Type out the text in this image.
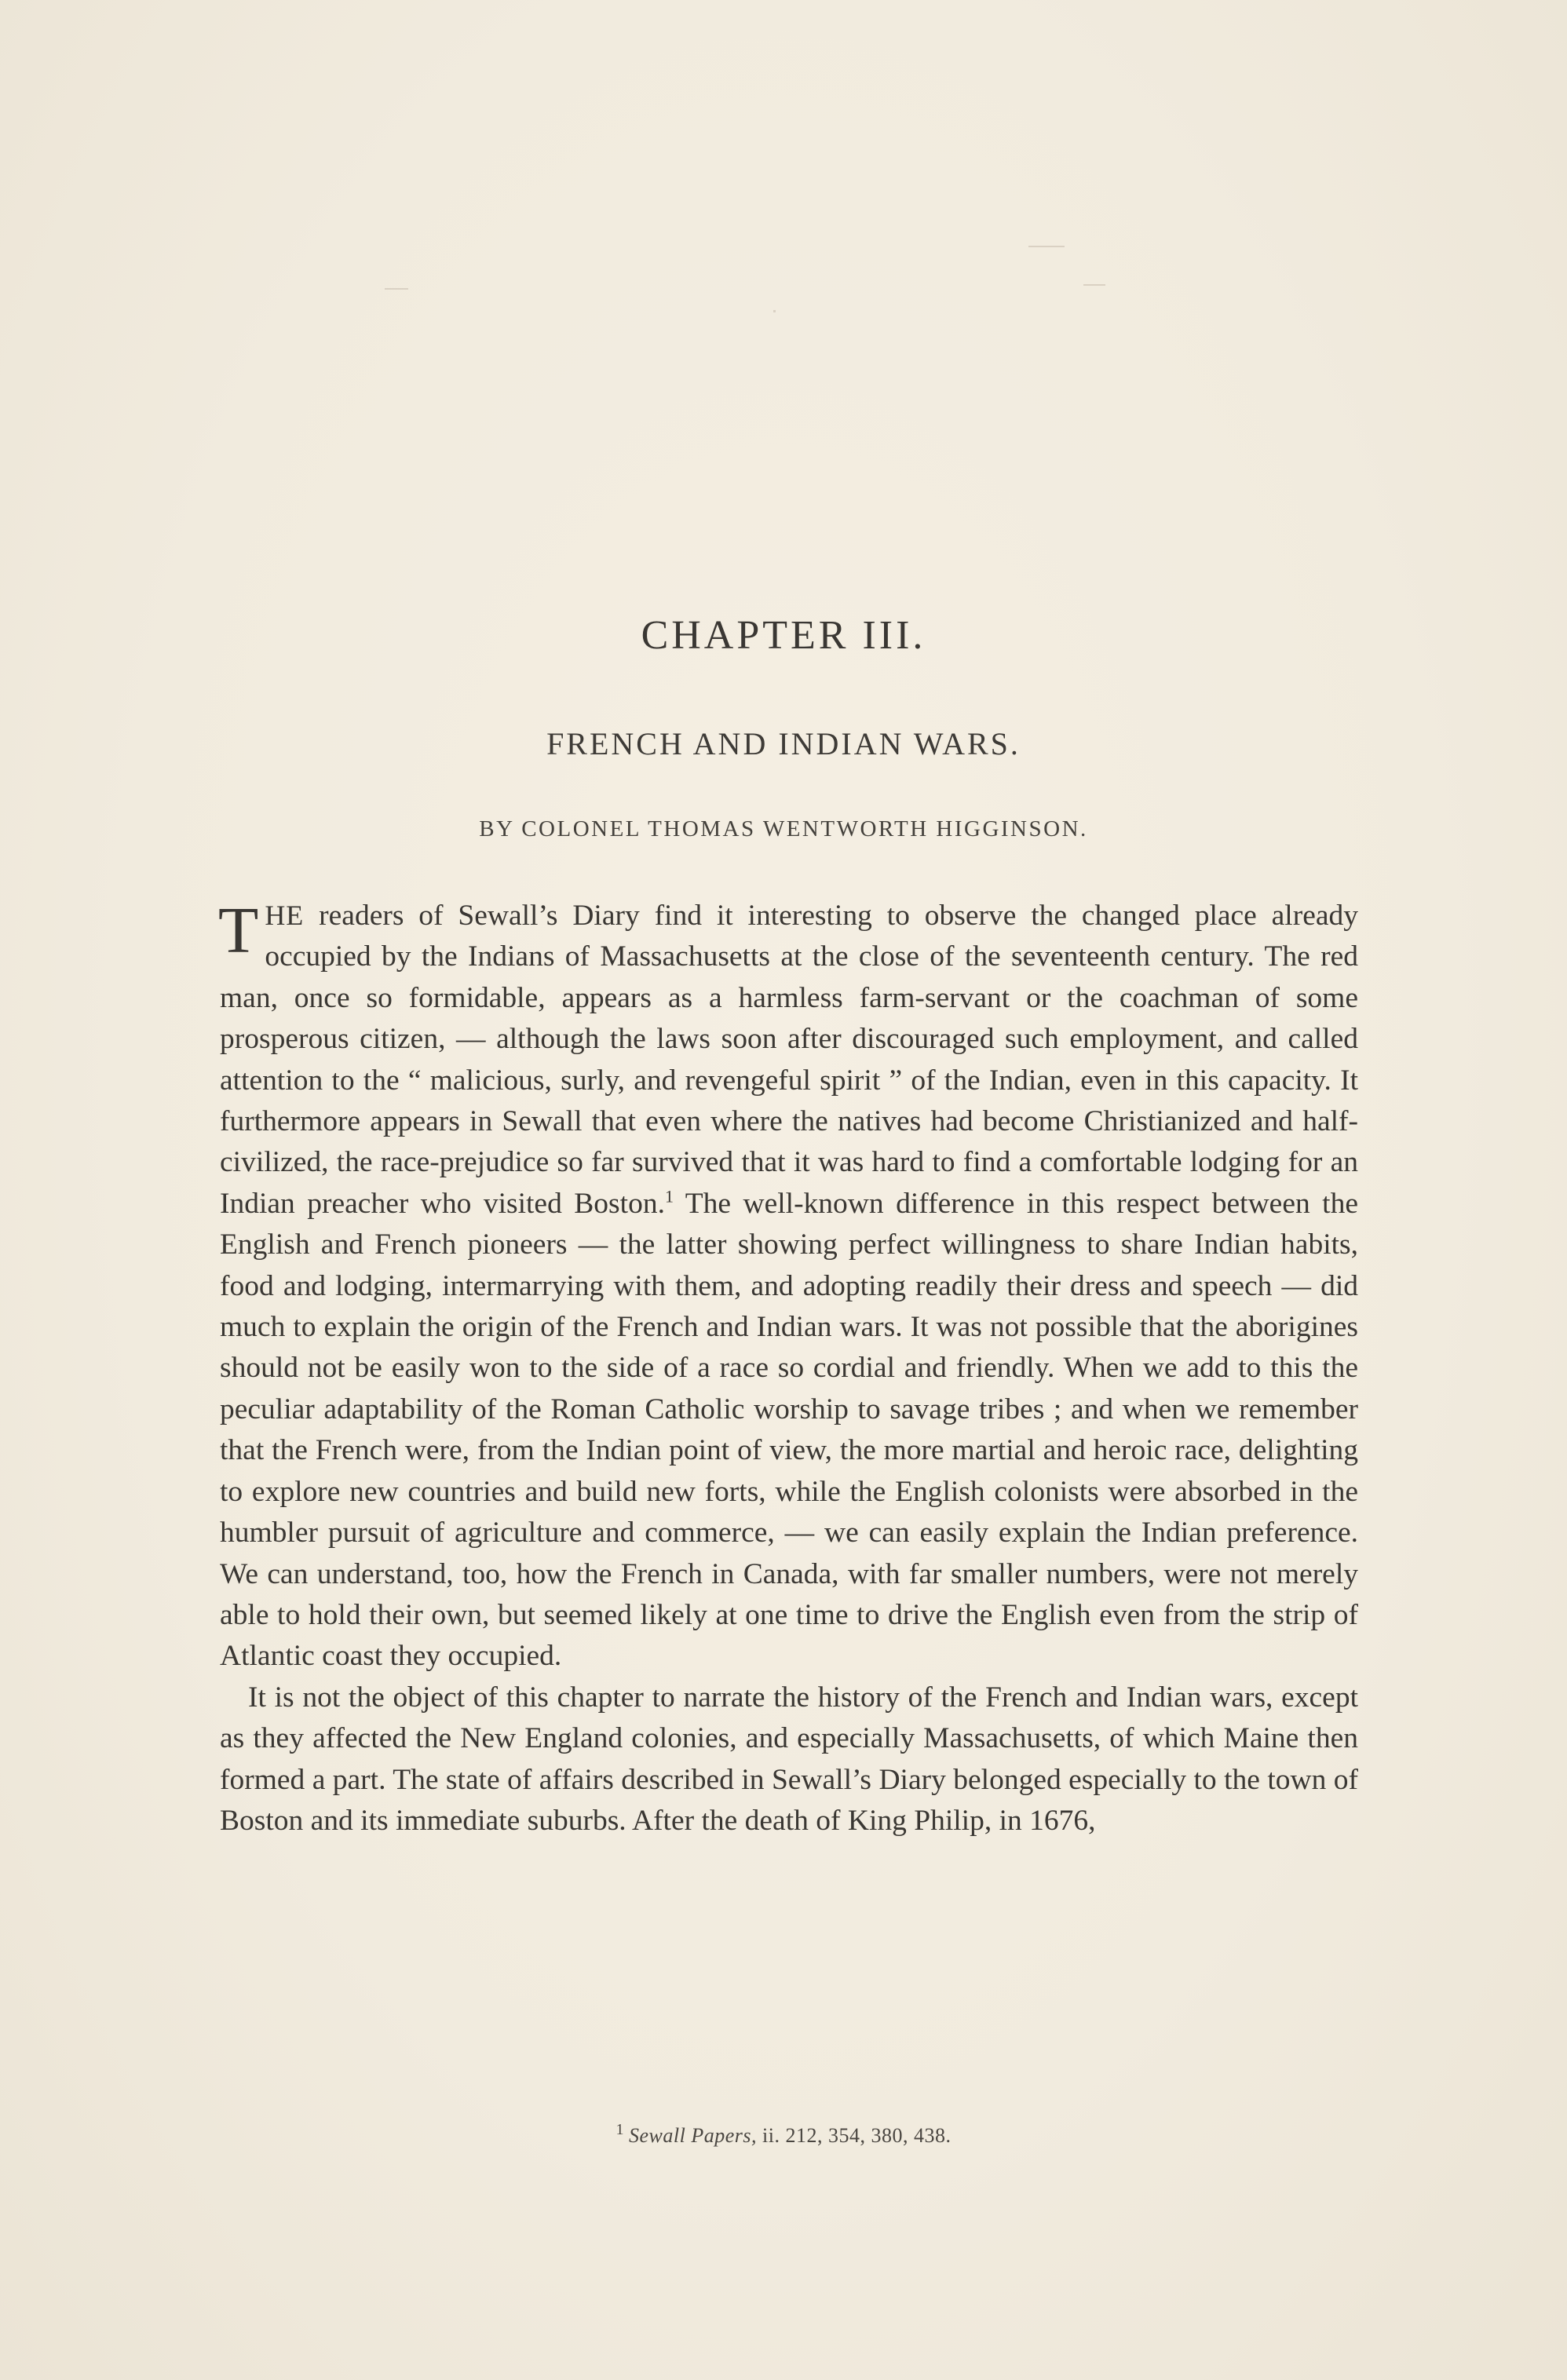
CHAPTER III.
FRENCH AND INDIAN WARS.
BY COLONEL THOMAS WENTWORTH HIGGINSON.

THE readers of Sewall’s Diary find it interesting to observe the changed place already occupied by the Indians of Massachusetts at the close of the seventeenth century. The red man, once so formidable, appears as a harmless farm-servant or the coachman of some prosperous citizen, — although the laws soon after discouraged such employment, and called attention to the “ malicious, surly, and revengeful spirit ” of the Indian, even in this capacity. It furthermore appears in Sewall that even where the natives had become Christianized and half-civilized, the race-prejudice so far survived that it was hard to find a comfortable lodging for an Indian preacher who visited Boston.$^1$ The well-known difference in this respect between the English and French pioneers — the latter showing perfect willingness to share Indian habits, food and lodging, intermarrying with them, and adopting readily their dress and speech — did much to explain the origin of the French and Indian wars. It was not possible that the aborigines should not be easily won to the side of a race so cordial and friendly. When we add to this the peculiar adaptability of the Roman Catholic worship to savage tribes ; and when we remember that the French were, from the Indian point of view, the more martial and heroic race, delighting to explore new countries and build new forts, while the English colonists were absorbed in the humbler pursuit of agriculture and commerce, — we can easily explain the Indian preference. We can understand, too, how the French in Canada, with far smaller numbers, were not merely able to hold their own, but seemed likely at one time to drive the English even from the strip of Atlantic coast they occupied.

It is not the object of this chapter to narrate the history of the French and Indian wars, except as they affected the New England colonies, and especially Massachusetts, of which Maine then formed a part. The state of affairs described in Sewall’s Diary belonged especially to the town of Boston and its immediate suburbs. After the death of King Philip, in 1676,

$^1$ Sewall Papers, ii. 212, 354, 380, 438.
